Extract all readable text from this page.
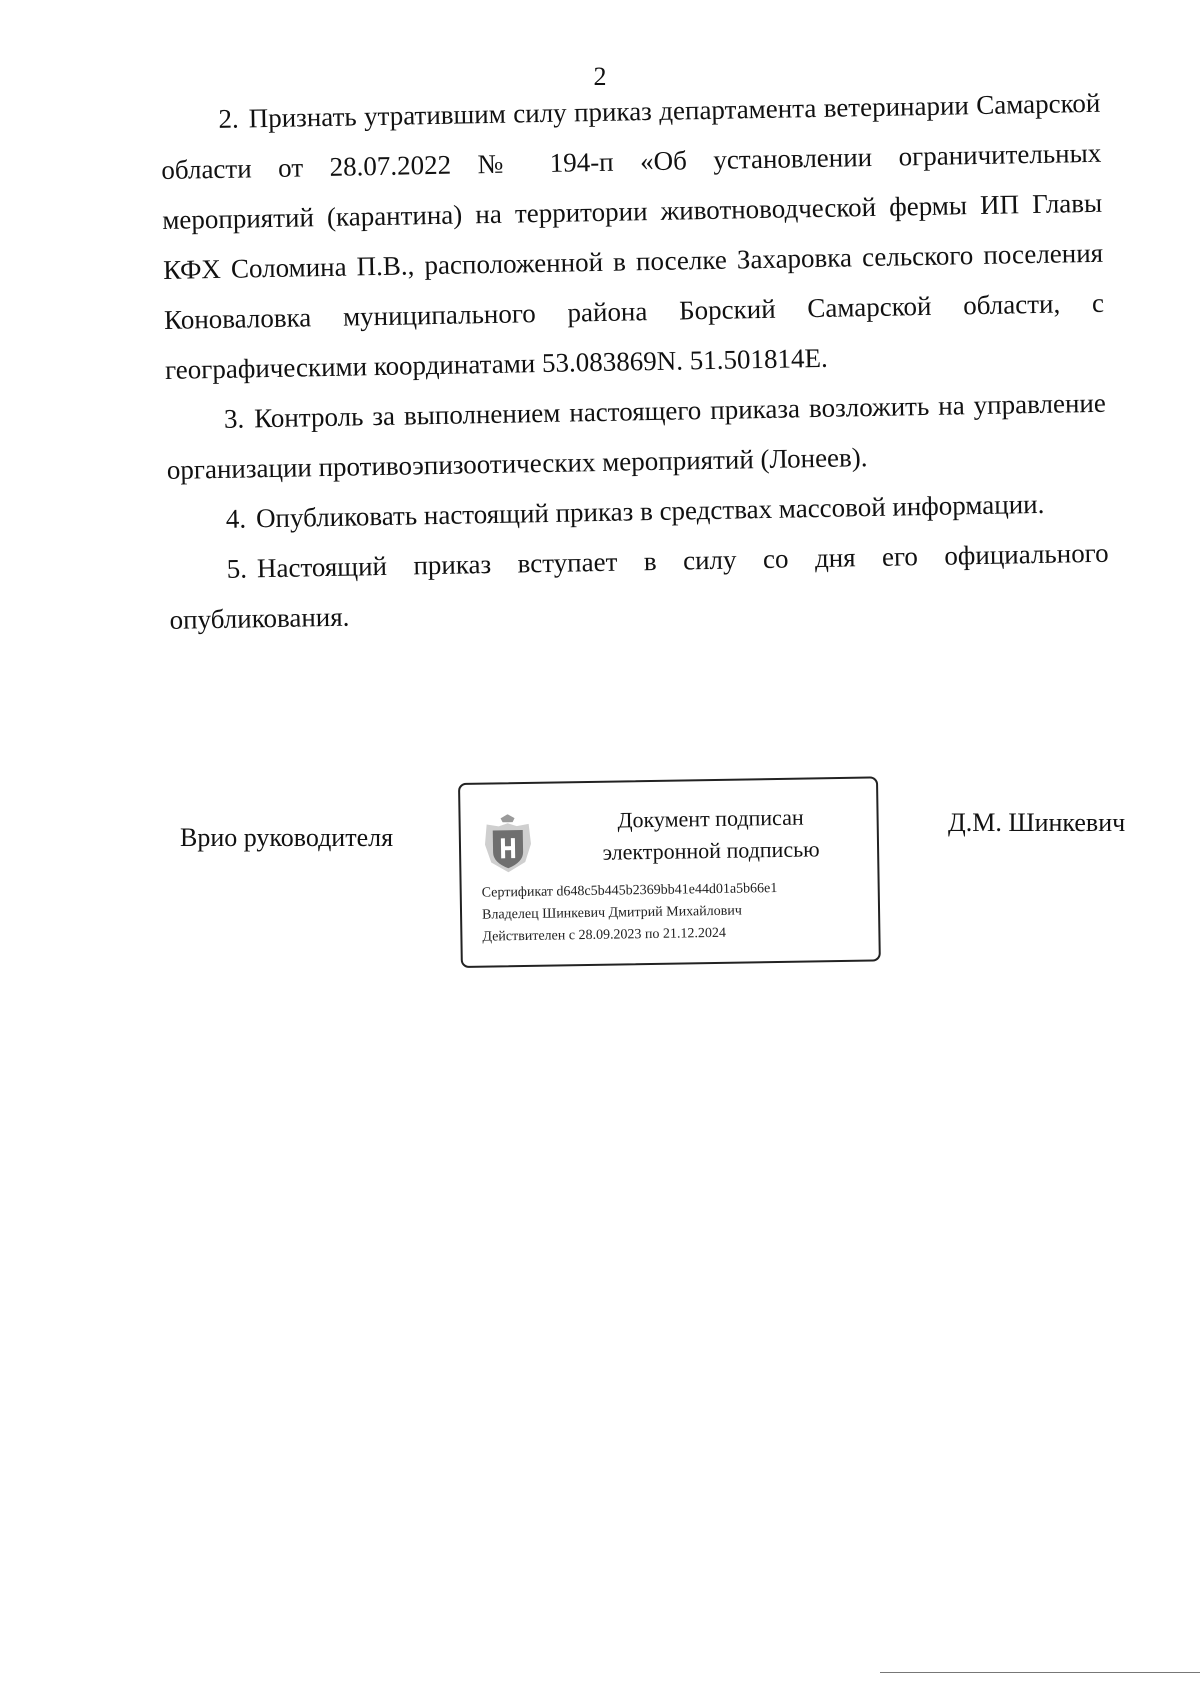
2

2. Признать утратившим силу приказ департамента ветеринарии Самарской области от 28.07.2022 № 194-п «Об установлении ограничительных мероприятий (карантина) на территории животноводческой фермы ИП Главы КФХ Соломина П.В., расположенной в поселке Захаровка сельского поселения Коноваловка муниципального района Борский Самарской области, с географическими координатами 53.083869N. 51.501814E.

3. Контроль за выполнением настоящего приказа возложить на управление организации противоэпизоотических мероприятий (Лонеев).

4. Опубликовать настоящий приказ в средствах массовой информации.

5. Настоящий приказ вступает в силу со дня его официального опубликования.

Врио руководителя
Документ подписан
электронной подписью
Сертификат d648c5b445b2369bb41e44d01a5b66e1
Владелец Шинкевич Дмитрий Михайлович
Действителен с 28.09.2023 по 21.12.2024
Д.М. Шинкевич
